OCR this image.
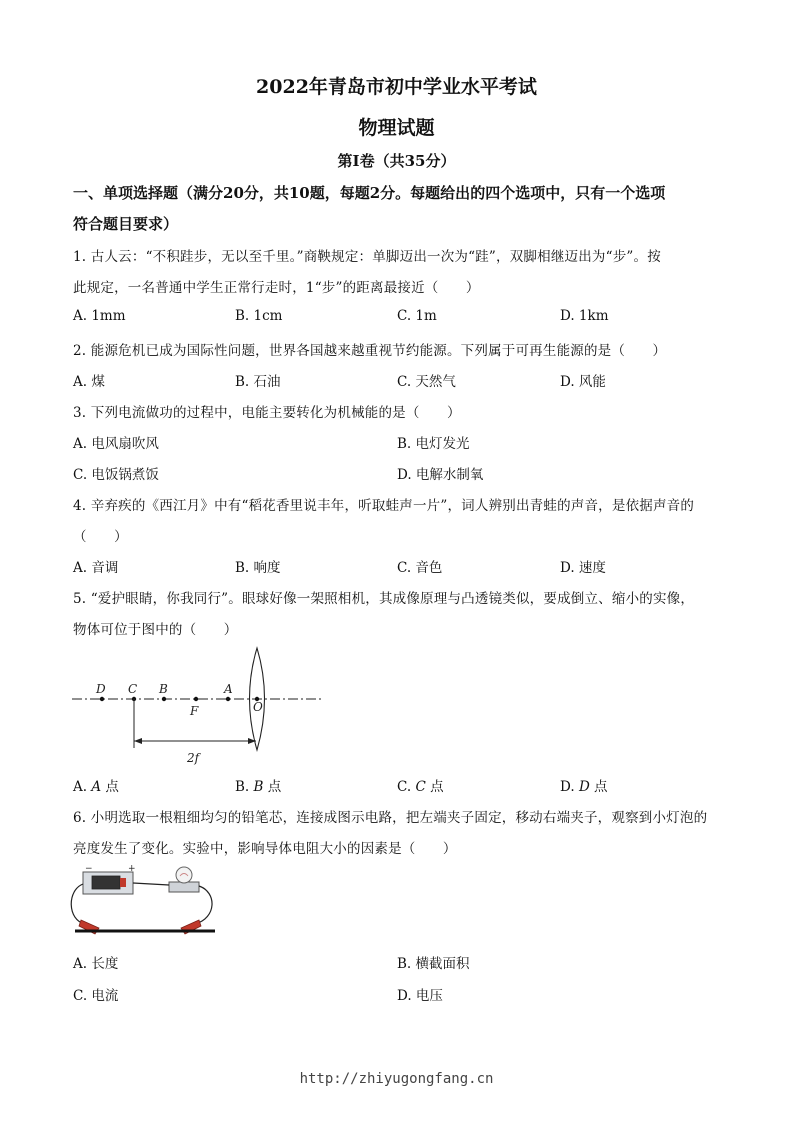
2022年青岛市初中学业水平考试
物理试题
第Ⅰ卷（共35分）
一、单项选择题（满分20分，共10题，每题2分。每题给出的四个选项中，只有一个选项
符合题目要求）
1. 古人云：“不积跬步，无以至千里。”商鞅规定：单脚迈出一次为“跬”，双脚相继迈出为“步”。按
此规定，一名普通中学生正常行走时，1“步”的距离最接近（　　）
A. 1mm	B. 1cm	C. 1m	D. 1km
2. 能源危机已成为国际性问题，世界各国越来越重视节约能源。下列属于可再生能源的是（　　）
A. 煤	B. 石油	C. 天然气	D. 风能
3. 下列电流做功的过程中，电能主要转化为机械能的是（　　）
A. 电风扇吹风	B. 电灯发光
C. 电饭锅煮饭	D. 电解水制氧
4. 辛弃疾的《西江月》中有“稻花香里说丰年，听取蛙声一片”，词人辨别出青蛙的声音，是依据声音的
（　　）
A. 音调	B. 响度	C. 音色	D. 速度
5. “爱护眼睛，你我同行”。眼球好像一架照相机，其成像原理与凸透镜类似，要成倒立、缩小的实像，
物体可位于图中的（　　）
D C B
F
A
O
2f
A. A 点	B. B 点	C. C 点	D. D 点
6. 小明选取一根粗细均匀的铅笔芯，连接成图示电路，把左端夹子固定，移动右端夹子，观察到小灯泡的
亮度发生了变化。实验中，影响导体电阻大小的因素是（　　）
−	+
A. 长度	B. 横截面积
C. 电流	D. 电压
http://zhiyugongfang.cn
